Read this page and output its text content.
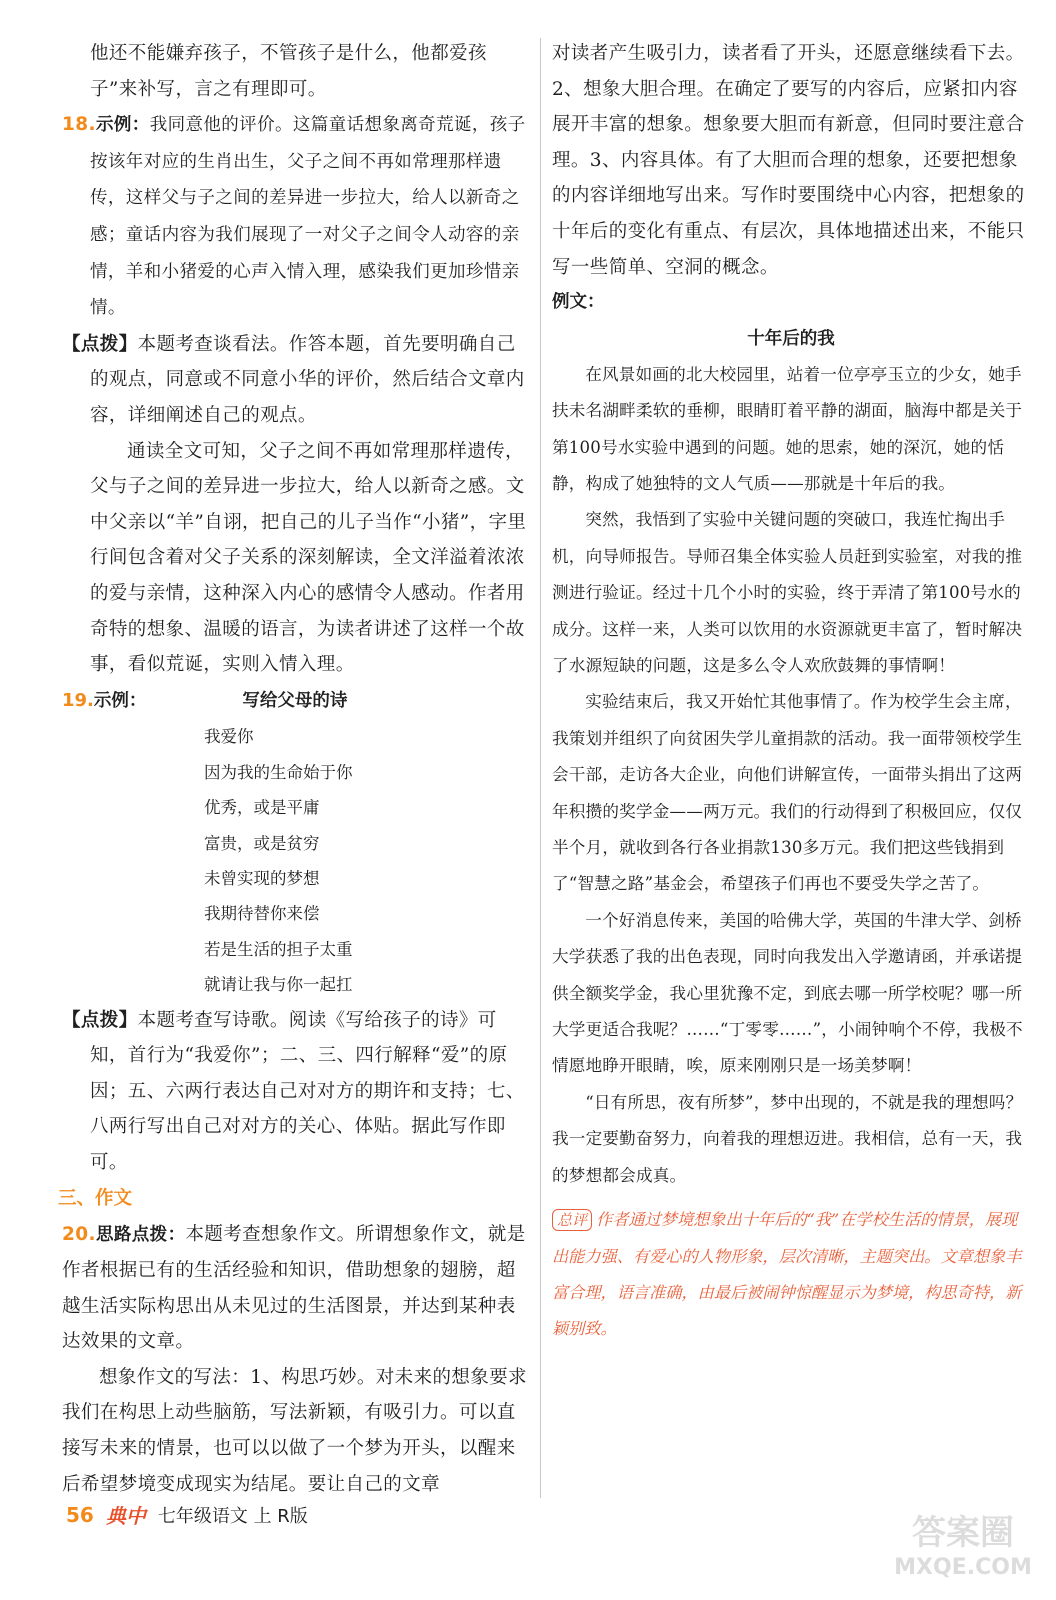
他还不能嫌弃孩子，不管孩子是什么，他都爱孩子”来补写，言之有理即可。

18.示例：我同意他的评价。这篇童话想象离奇荒诞，孩子按该年对应的生肖出生，父子之间不再如常理那样遗传，这样父与子之间的差异进一步拉大，给人以新奇之感；童话内容为我们展现了一对父子之间令人动容的亲情，羊和小猪爱的心声入情入理，感染我们更加珍惜亲情。

【点拨】本题考查谈看法。作答本题，首先要明确自己的观点，同意或不同意小华的评价，然后结合文章内容，详细阐述自己的观点。

通读全文可知，父子之间不再如常理那样遗传，父与子之间的差异进一步拉大，给人以新奇之感。文中父亲以“羊”自诩，把自己的儿子当作“小猪”，字里行间包含着对父子关系的深刻解读，全文洋溢着浓浓的爱与亲情，这种深入内心的感情令人感动。作者用奇特的想象、温暖的语言，为读者讲述了这样一个故事，看似荒诞，实则入情入理。

19. 示例：	写给父母的诗

我爱你

因为我的生命始于你

优秀，或是平庸

富贵，或是贫穷

未曾实现的梦想

我期待替你来偿

若是生活的担子太重

就请让我与你一起扛

【点拨】本题考查写诗歌。阅读《写给孩子的诗》可知，首行为“我爱你”；二、三、四行解释“爱”的原因；五、六两行表达自己对对方的期许和支持；七、八两行写出自己对对方的关心、体贴。据此写作即可。

三、作文

20.思路点拨：本题考查想象作文。所谓想象作文，就是作者根据已有的生活经验和知识，借助想象的翅膀，超越生活实际构思出从未见过的生活图景，并达到某种表达效果的文章。

想象作文的写法：1、构思巧妙。对未来的想象要求我们在构思上动些脑筋，写法新颖，有吸引力。可以直接写未来的情景，也可以以做了一个梦为开头，以醒来后希望梦境变成现实为结尾。要让自己的文章

对读者产生吸引力，读者看了开头，还愿意继续看下去。2、想象大胆合理。在确定了要写的内容后，应紧扣内容展开丰富的想象。想象要大胆而有新意，但同时要注意合理。3、内容具体。有了大胆而合理的想象，还要把想象的内容详细地写出来。写作时要围绕中心内容，把想象的十年后的变化有重点、有层次，具体地描述出来，不能只写一些简单、空洞的概念。

例文：

十年后的我

在风景如画的北大校园里，站着一位亭亭玉立的少女，她手扶未名湖畔柔软的垂柳，眼睛盯着平静的湖面，脑海中都是关于第100号水实验中遇到的问题。她的思索，她的深沉，她的恬静，构成了她独特的文人气质——那就是十年后的我。

突然，我悟到了实验中关键问题的突破口，我连忙掏出手机，向导师报告。导师召集全体实验人员赶到实验室，对我的推测进行验证。经过十几个小时的实验，终于弄清了第100号水的成分。这样一来，人类可以饮用的水资源就更丰富了，暂时解决了水源短缺的问题，这是多么令人欢欣鼓舞的事情啊！

实验结束后，我又开始忙其他事情了。作为校学生会主席，我策划并组织了向贫困失学儿童捐款的活动。我一面带领校学生会干部，走访各大企业，向他们讲解宣传，一面带头捐出了这两年积攒的奖学金——两万元。我们的行动得到了积极回应，仅仅半个月，就收到各行各业捐款130多万元。我们把这些钱捐到了“智慧之路”基金会，希望孩子们再也不要受失学之苦了。

一个好消息传来，美国的哈佛大学，英国的牛津大学、剑桥大学获悉了我的出色表现，同时向我发出入学邀请函，并承诺提供全额奖学金，我心里犹豫不定，到底去哪一所学校呢？哪一所大学更适合我呢？……“丁零零……”，小闹钟响个不停，我极不情愿地睁开眼睛，唉，原来刚刚只是一场美梦啊！

“日有所思，夜有所梦”，梦中出现的，不就是我的理想吗？我一定要勤奋努力，向着我的理想迈进。我相信，总有一天，我的梦想都会成真。

总评 作者通过梦境想象出十年后的“我”在学校生活的情景，展现出能力强、有爱心的人物形象，层次清晰，主题突出。文章想象丰富合理，语言准确，由最后被闹钟惊醒显示为梦境，构思奇特，新颖别致。
56 典中 七年级语文 上 R版	答案圈
MXQE.COM
